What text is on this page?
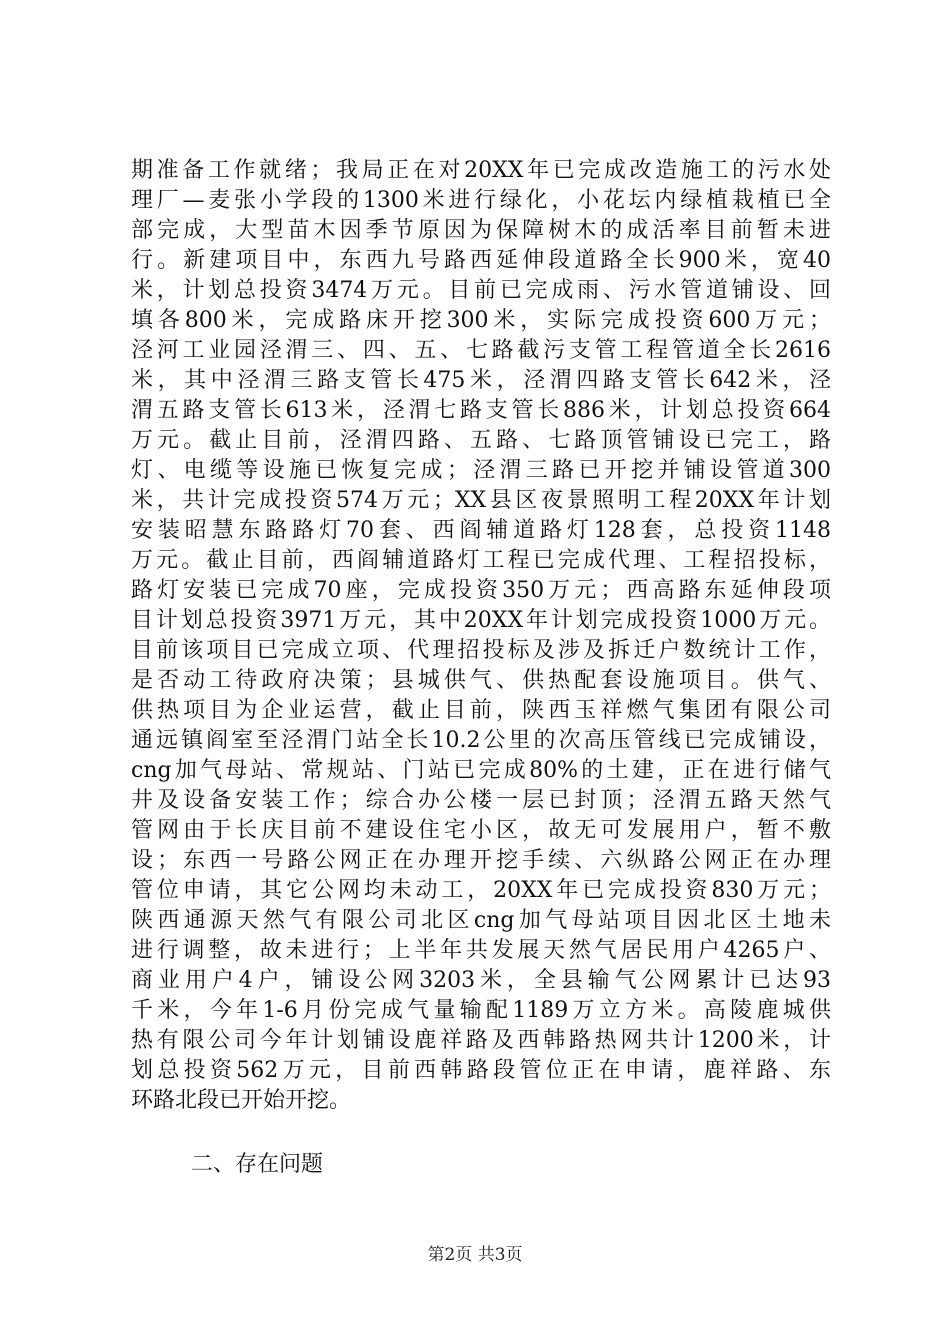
期准备工作就绪；我局正在对20XX年已完成改造施工的污水处
理厂—麦张小学段的1300米进行绿化，小花坛内绿植栽植已全
部完成，大型苗木因季节原因为保障树木的成活率目前暂未进
行。新建项目中，东西九号路西延伸段道路全长900米，宽40
米，计划总投资3474万元。目前已完成雨、污水管道铺设、回
填各800米，完成路床开挖300米，实际完成投资600万元；
泾河工业园泾渭三、四、五、七路截污支管工程管道全长2616
米，其中泾渭三路支管长475米，泾渭四路支管长642米，泾
渭五路支管长613米，泾渭七路支管长886米，计划总投资664
万元。截止目前，泾渭四路、五路、七路顶管铺设已完工，路
灯、电缆等设施已恢复完成；泾渭三路已开挖并铺设管道300
米，共计完成投资574万元；XX县区夜景照明工程20XX年计划
安装昭慧东路路灯70套、西阎辅道路灯128套，总投资1148
万元。截止目前，西阎辅道路灯工程已完成代理、工程招投标，
路灯安装已完成70座，完成投资350万元；西高路东延伸段项
目计划总投资3971万元，其中20XX年计划完成投资1000万元。
目前该项目已完成立项、代理招投标及涉及拆迁户数统计工作，
是否动工待政府决策；县城供气、供热配套设施项目。供气、
供热项目为企业运营，截止目前，陕西玉祥燃气集团有限公司
通远镇阎室至泾渭门站全长10.2公里的次高压管线已完成铺设，
cng加气母站、常规站、门站已完成80%的土建，正在进行储气
井及设备安装工作；综合办公楼一层已封顶；泾渭五路天然气
管网由于长庆目前不建设住宅小区，故无可发展用户，暂不敷
设；东西一号路公网正在办理开挖手续、六纵路公网正在办理
管位申请，其它公网均未动工，20XX年已完成投资830万元；
陕西通源天然气有限公司北区cng加气母站项目因北区土地未
进行调整，故未进行；上半年共发展天然气居民用户4265户、
商业用户4户，铺设公网3203米，全县输气公网累计已达93
千米，今年1-6月份完成气量输配1189万立方米。高陵鹿城供
热有限公司今年计划铺设鹿祥路及西韩路热网共计1200米，计
划总投资562万元，目前西韩路段管位正在申请，鹿祥路、东
环路北段已开始开挖。
二、存在问题
第2页 共3页
